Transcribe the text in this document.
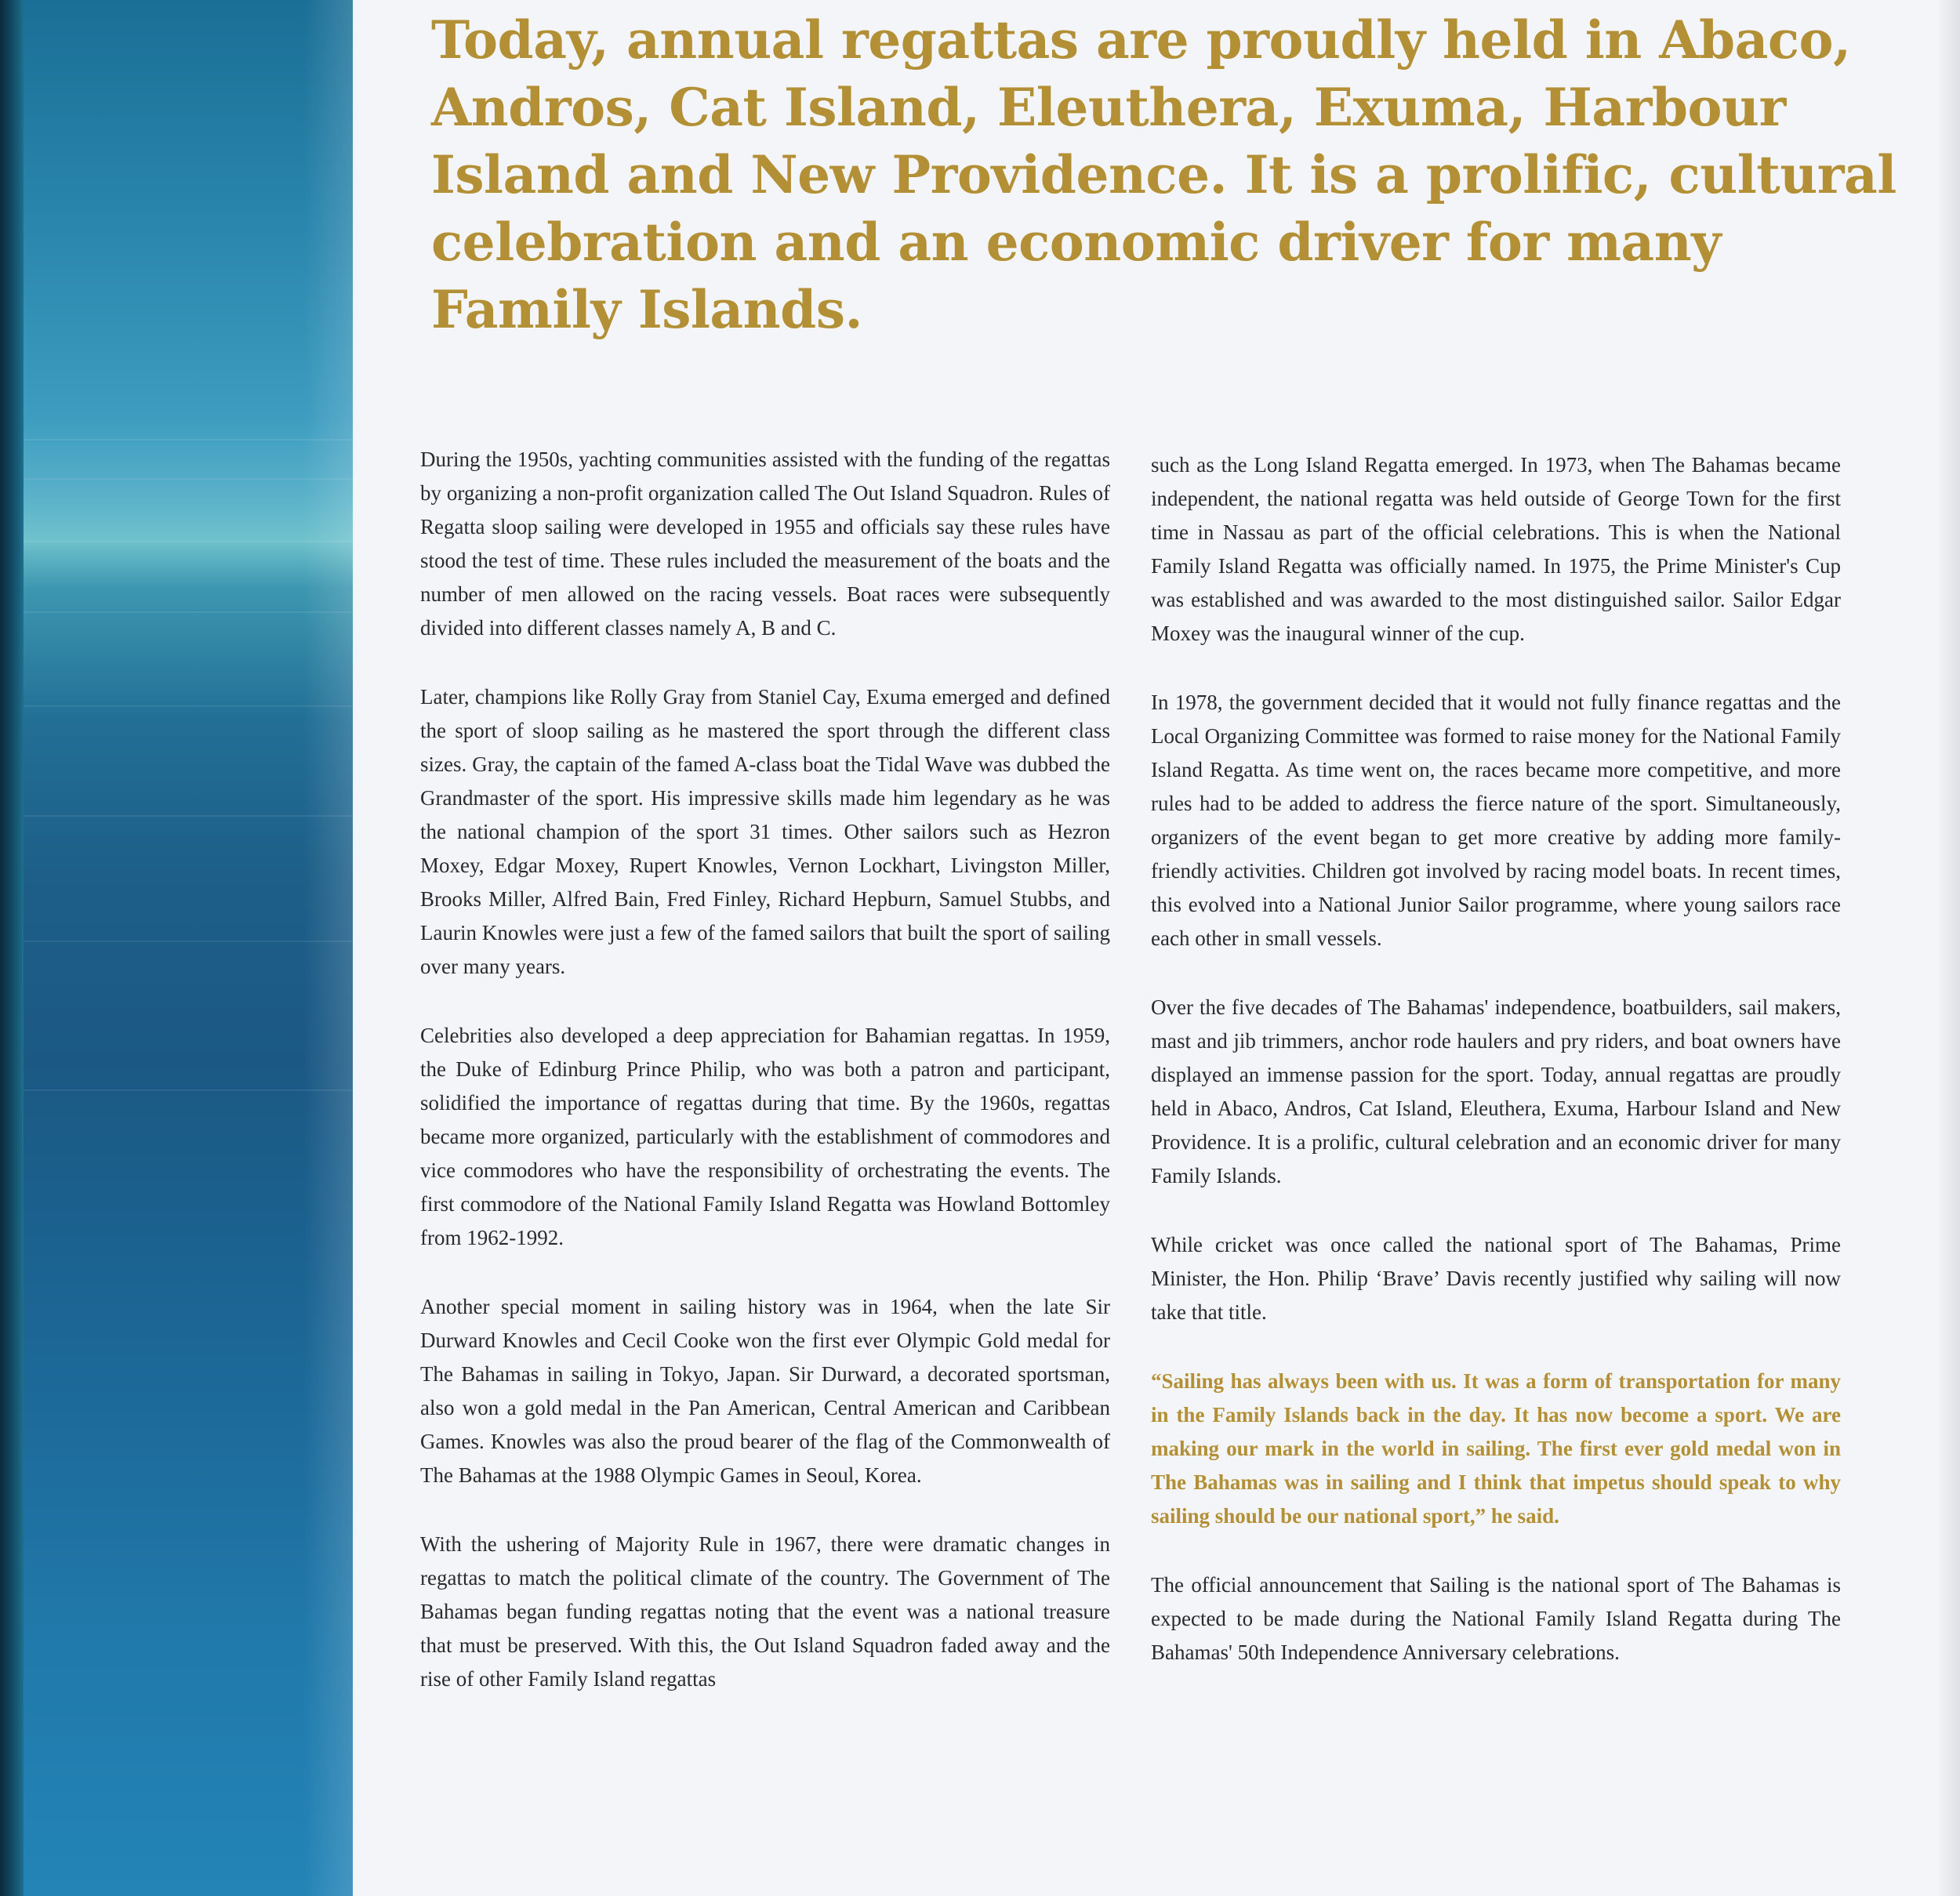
Today, annual regattas are proudly held in Abaco, Andros, Cat Island, Eleuthera, Exuma, Harbour Island and New Providence. It is a prolific, cultural celebration and an economic driver for many Family Islands.

During the 1950s, yachting communities assisted with the funding of the regattas by organizing a non-profit organization called The Out Island Squadron. Rules of Regatta sloop sailing were developed in 1955 and officials say these rules have stood the test of time. These rules included the measurement of the boats and the number of men allowed on the racing vessels. Boat races were subsequently divided into different classes namely A, B and C.

Later, champions like Rolly Gray from Staniel Cay, Exuma emerged and defined the sport of sloop sailing as he mastered the sport through the different class sizes. Gray, the captain of the famed A-class boat the Tidal Wave was dubbed the Grandmaster of the sport. His impressive skills made him legendary as he was the national champion of the sport 31 times. Other sailors such as Hezron Moxey, Edgar Moxey, Rupert Knowles, Vernon Lockhart, Livingston Miller, Brooks Miller, Alfred Bain, Fred Finley, Richard Hepburn, Samuel Stubbs, and Laurin Knowles were just a few of the famed sailors that built the sport of sailing over many years.

Celebrities also developed a deep appreciation for Bahamian regattas. In 1959, the Duke of Edinburg Prince Philip, who was both a patron and participant, solidified the importance of regattas during that time. By the 1960s, regattas became more organized, particularly with the establishment of commodores and vice commodores who have the responsibility of orchestrating the events. The first commodore of the National Family Island Regatta was Howland Bottomley from 1962-1992.

Another special moment in sailing history was in 1964, when the late Sir Durward Knowles and Cecil Cooke won the first ever Olympic Gold medal for The Bahamas in sailing in Tokyo, Japan. Sir Durward, a decorated sportsman, also won a gold medal in the Pan American, Central American and Caribbean Games. Knowles was also the proud bearer of the flag of the Commonwealth of The Bahamas at the 1988 Olympic Games in Seoul, Korea.

With the ushering of Majority Rule in 1967, there were dramatic changes in regattas to match the political climate of the country. The Government of The Bahamas began funding regattas noting that the event was a national treasure that must be preserved. With this, the Out Island Squadron faded away and the rise of other Family Island regattas

such as the Long Island Regatta emerged. In 1973, when The Bahamas became independent, the national regatta was held outside of George Town for the first time in Nassau as part of the official celebrations. This is when the National Family Island Regatta was officially named. In 1975, the Prime Minister's Cup was established and was awarded to the most distinguished sailor. Sailor Edgar Moxey was the inaugural winner of the cup.

In 1978, the government decided that it would not fully finance regattas and the Local Organizing Committee was formed to raise money for the National Family Island Regatta. As time went on, the races became more competitive, and more rules had to be added to address the fierce nature of the sport. Simultaneously, organizers of the event began to get more creative by adding more family-friendly activities. Children got involved by racing model boats. In recent times, this evolved into a National Junior Sailor programme, where young sailors race each other in small vessels.

Over the five decades of The Bahamas' independence, boatbuilders, sail makers, mast and jib trimmers, anchor rode haulers and pry riders, and boat owners have displayed an immense passion for the sport. Today, annual regattas are proudly held in Abaco, Andros, Cat Island, Eleuthera, Exuma, Harbour Island and New Providence. It is a prolific, cultural celebration and an economic driver for many Family Islands.

While cricket was once called the national sport of The Bahamas, Prime Minister, the Hon. Philip ‘Brave’ Davis recently justified why sailing will now take that title.

“Sailing has always been with us. It was a form of transportation for many in the Family Islands back in the day. It has now become a sport. We are making our mark in the world in sailing. The first ever gold medal won in The Bahamas was in sailing and I think that impetus should speak to why sailing should be our national sport,” he said.

The official announcement that Sailing is the national sport of The Bahamas is expected to be made during the National Family Island Regatta during The Bahamas' 50th Independence Anniversary celebrations.
